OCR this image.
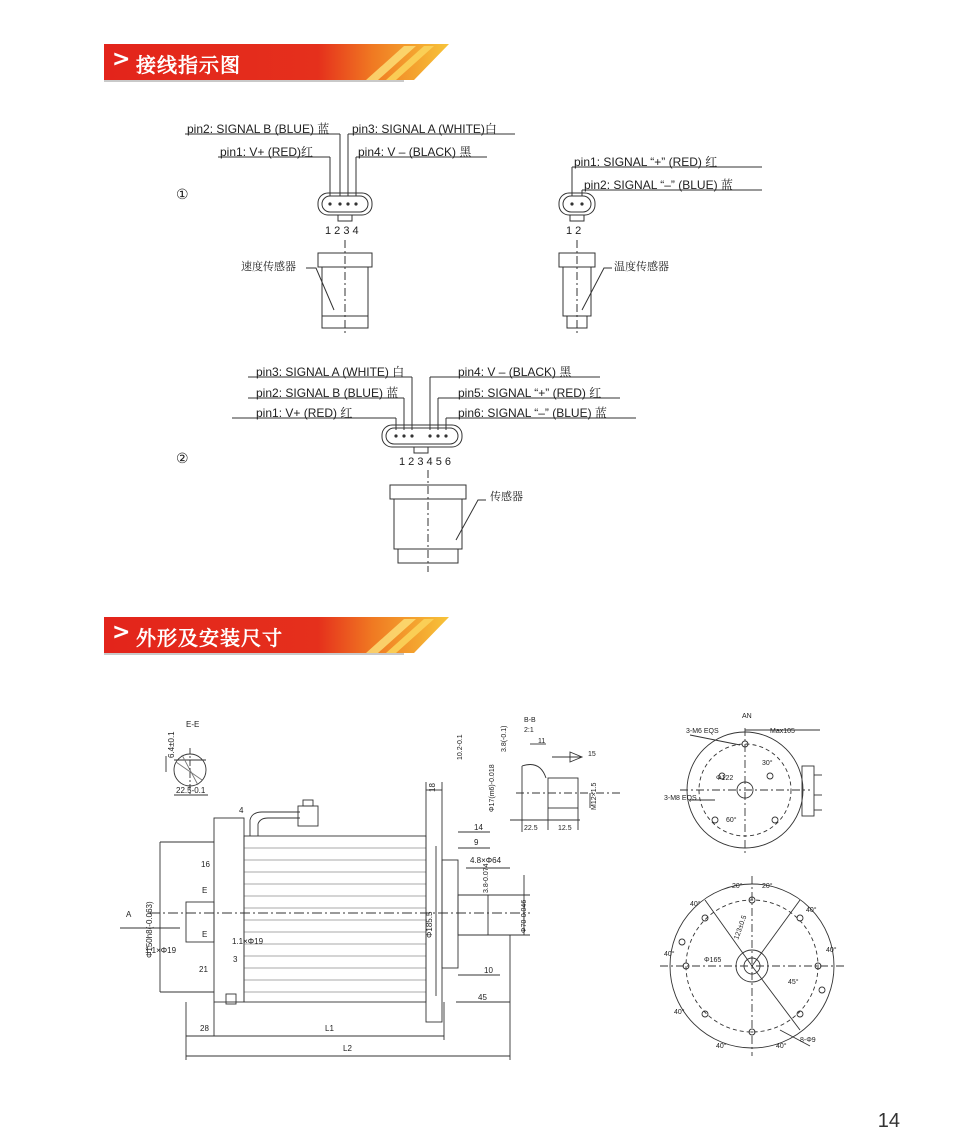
> 接线指示图
> 外形及安装尺寸
pin2: SIGNAL B (BLUE) 蓝 pin3: SIGNAL A (WHITE)白
pin1: V+ (RED)红	pin4: V – (BLACK) 黑
①
1 2 3 4
速度传感器
pin1: SIGNAL “+” (RED) 红
pin2: SIGNAL “–” (BLUE) 蓝
1 2
温度传感器
pin3: SIGNAL A (WHITE) 白
pin2: SIGNAL B (BLUE) 蓝
pin1: V+ (RED) 红
pin4: V – (BLACK) 黑
pin5: SIGNAL “+” (RED) 红
pin6: SIGNAL “–” (BLUE) 蓝
②	1 2 3 4 5 6
传感器
E-E
6.4±0.1
22.5-0.1
A
4
16
E
E
1.1×Φ19
1.1×Φ19
21
3
28	L1
L2
Φ150h8(-0.063)	Φ185.5
18
14
9
4.8×Φ64
10
45
Φ70-0.046
3.8-0.074
B-B
2:1
10.2-0.1	3.8(-0.1)	11
15
Φ17(m6)-0.018	M12×1.5
22.5	12.5
AN
3-M6 EQS
3-M8 EQS
Max105
30°
60°
Φ122
20°	20°
40°
40°
40°
40°
40°
40°	40°
Φ165
45°
8-Φ9
123±0.5
14
